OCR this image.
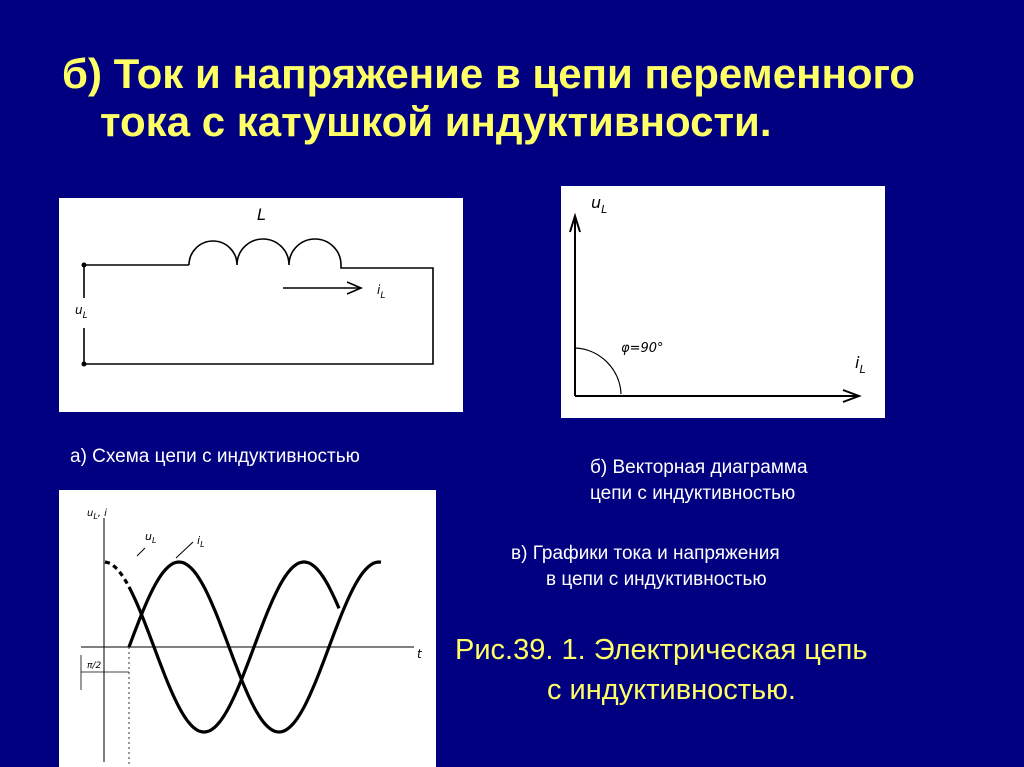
б) Ток и напряжение в цепи переменного
тока с катушкой индуктивности.
L
$u_L$
$i_L$
$u_L$
$i_L$
φ=90°
$u_L$, i
$u_L$	$i_L$
t
π/2

а) Схема цепи с индуктивностью

б) Векторная диаграмма

цепи с индуктивностью

в) Графики тока и напряжения

в цепи с индуктивностью

Рис.39. 1. Электрическая цепь

с индуктивностью.
